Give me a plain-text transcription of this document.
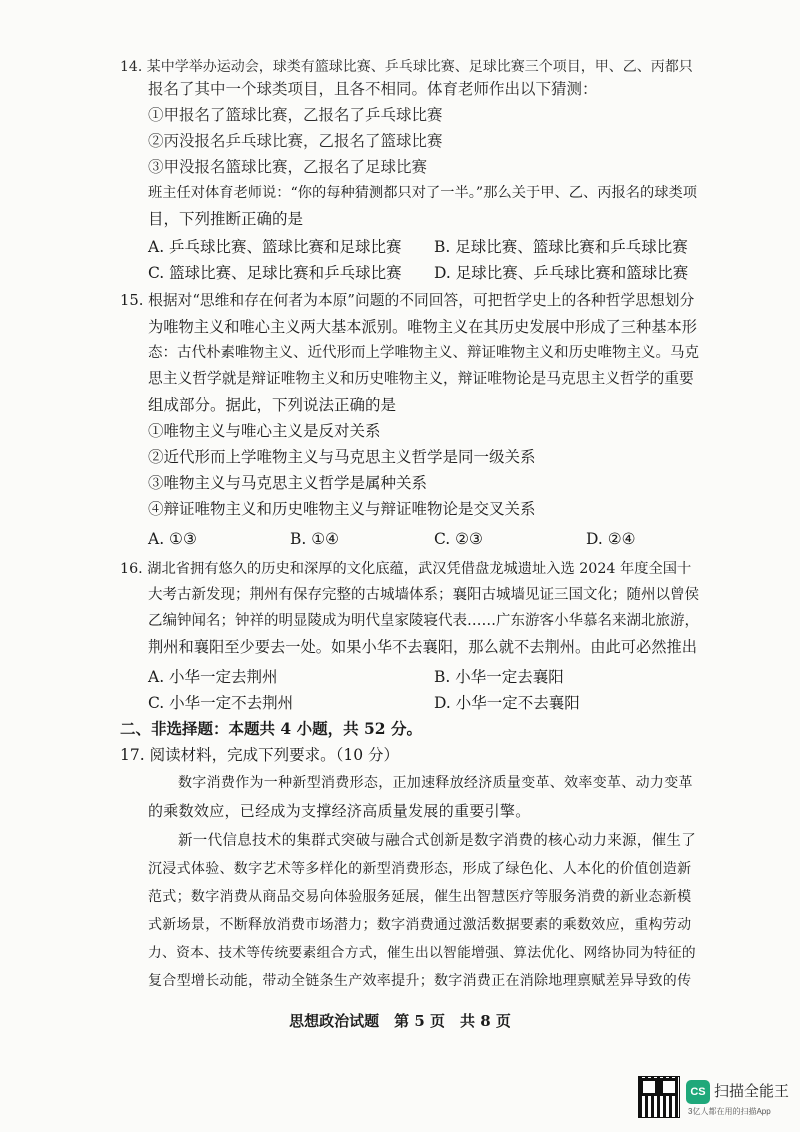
14. 某中学举办运动会，球类有篮球比赛、乒乓球比赛、足球比赛三个项目，甲、乙、丙都只
报名了其中一个球类项目，且各不相同。体育老师作出以下猜测：
①甲报名了篮球比赛，乙报名了乒乓球比赛
②丙没报名乒乓球比赛，乙报名了篮球比赛
③甲没报名篮球比赛，乙报名了足球比赛
班主任对体育老师说：“你的每种猜测都只对了一半。”那么关于甲、乙、丙报名的球类项
目，下列推断正确的是
A. 乒乓球比赛、篮球比赛和足球比赛 B. 足球比赛、篮球比赛和乒乓球比赛
C. 篮球比赛、足球比赛和乒乓球比赛 D. 足球比赛、乒乓球比赛和篮球比赛
15. 根据对“思维和存在何者为本原”问题的不同回答，可把哲学史上的各种哲学思想划分
为唯物主义和唯心主义两大基本派别。唯物主义在其历史发展中形成了三种基本形
态：古代朴素唯物主义、近代形而上学唯物主义、辩证唯物主义和历史唯物主义。马克
思主义哲学就是辩证唯物主义和历史唯物主义，辩证唯物论是马克思主义哲学的重要
组成部分。据此，下列说法正确的是
①唯物主义与唯心主义是反对关系
②近代形而上学唯物主义与马克思主义哲学是同一级关系
③唯物主义与马克思主义哲学是属种关系
④辩证唯物主义和历史唯物主义与辩证唯物论是交叉关系
A. ①③	B. ①④	C. ②③	D. ②④
16. 湖北省拥有悠久的历史和深厚的文化底蕴，武汉凭借盘龙城遗址入选 2024 年度全国十
大考古新发现；荆州有保存完整的古城墙体系；襄阳古城墙见证三国文化；随州以曾侯
乙编钟闻名；钟祥的明显陵成为明代皇家陵寝代表……广东游客小华慕名来湖北旅游，
荆州和襄阳至少要去一处。如果小华不去襄阳，那么就不去荆州。由此可必然推出
A. 小华一定去荆州	B. 小华一定去襄阳
C. 小华一定不去荆州	D. 小华一定不去襄阳
二、非选择题：本题共 4 小题，共 52 分。
17. 阅读材料，完成下列要求。（10 分）
数字消费作为一种新型消费形态，正加速释放经济质量变革、效率变革、动力变革
的乘数效应，已经成为支撑经济高质量发展的重要引擎。
新一代信息技术的集群式突破与融合式创新是数字消费的核心动力来源，催生了
沉浸式体验、数字艺术等多样化的新型消费形态，形成了绿色化、人本化的价值创造新
范式；数字消费从商品交易向体验服务延展，催生出智慧医疗等服务消费的新业态新模
式新场景，不断释放消费市场潜力；数字消费通过激活数据要素的乘数效应，重构劳动
力、资本、技术等传统要素组合方式，催生出以智能增强、算法优化、网络协同为特征的
复合型增长动能，带动全链条生产效率提升；数字消费正在消除地理禀赋差异导致的传
思想政治试题　第 5 页　共 8 页
CS 扫描全能王
3亿人都在用的扫描App
